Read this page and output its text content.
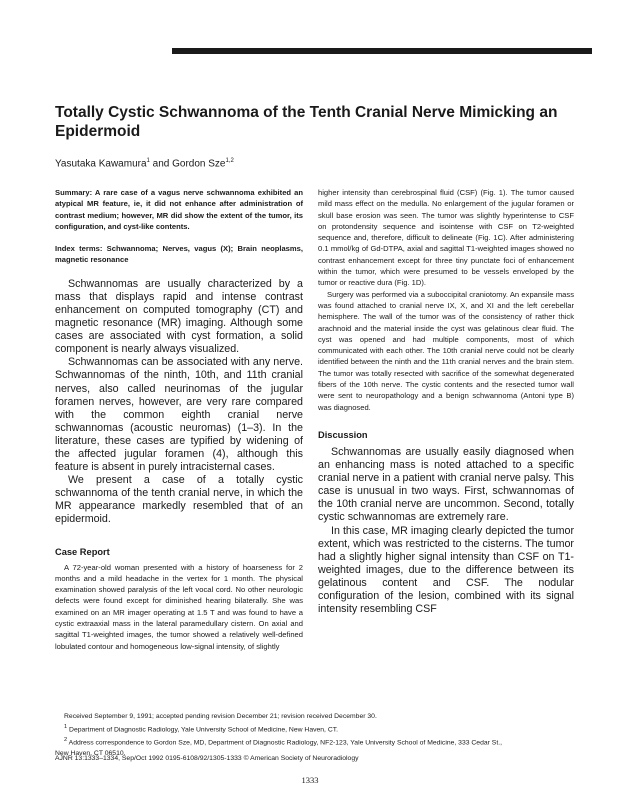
Totally Cystic Schwannoma of the Tenth Cranial Nerve Mimicking an Epidermoid
Yasutaka Kawamura$^1$ and Gordon Sze$^{1,2}$

Summary: A rare case of a vagus nerve schwannoma exhibited an atypical MR feature, ie, it did not enhance after administration of contrast medium; however, MR did show the extent of the tumor, its configuration, and cyst-like contents.

Index terms: Schwannoma; Nerves, vagus (X); Brain neoplasms, magnetic resonance

Schwannomas are usually characterized by a mass that displays rapid and intense contrast enhancement on computed tomography (CT) and magnetic resonance (MR) imaging. Although some cases are associated with cyst formation, a solid component is nearly always visualized.

Schwannomas can be associated with any nerve. Schwannomas of the ninth, 10th, and 11th cranial nerves, also called neurinomas of the jugular foramen nerves, however, are very rare compared with the common eighth cranial nerve schwannomas (acoustic neuromas) (1–3). In the literature, these cases are typified by widening of the affected jugular foramen (4), although this feature is absent in purely intracisternal cases.

We present a case of a totally cystic schwannoma of the tenth cranial nerve, in which the MR appearance markedly resembled that of an epidermoid.

Case Report

A 72-year-old woman presented with a history of hoarseness for 2 months and a mild headache in the vertex for 1 month. The physical examination showed paralysis of the left vocal cord. No other neurologic defects were found except for diminished hearing bilaterally. She was examined on an MR imager operating at 1.5 T and was found to have a cystic extraaxial mass in the lateral paramedullary cistern. On axial and sagittal T1-weighted images, the tumor showed a relatively well-defined lobulated contour and homogeneous low-signal intensity, of slightly

higher intensity than cerebrospinal fluid (CSF) (Fig. 1). The tumor caused mild mass effect on the medulla. No enlargement of the jugular foramen or skull base erosion was seen. The tumor was slightly hyperintense to CSF on protondensity sequence and isointense with CSF on T2-weighted sequence and, therefore, difficult to delineate (Fig. 1C). After administering 0.1 mmol/kg of Gd-DTPA, axial and sagittal T1-weighted images showed no contrast enhancement except for three tiny punctate foci of enhancement within the tumor, which were presumed to be vessels enveloped by the tumor or reactive dura (Fig. 1D).

Surgery was performed via a suboccipital craniotomy. An expansile mass was found attached to cranial nerve IX, X, and XI and the left cerebellar hemisphere. The wall of the tumor was of the consistency of rather thick arachnoid and the material inside the cyst was gelatinous clear fluid. The cyst was opened and had multiple components, most of which communicated with each other. The 10th cranial nerve could not be clearly identified between the ninth and the 11th cranial nerves and the brain stem. The tumor was totally resected with sacrifice of the somewhat degenerated fibers of the 10th nerve. The cystic contents and the resected tumor wall were sent to neuropathology and a benign schwannoma (Antoni type B) was diagnosed.

Discussion

Schwannomas are usually easily diagnosed when an enhancing mass is noted attached to a specific cranial nerve in a patient with cranial nerve palsy. This case is unusual in two ways. First, schwannomas of the 10th cranial nerve are uncommon. Second, totally cystic schwannomas are extremely rare.

In this case, MR imaging clearly depicted the tumor extent, which was restricted to the cisterns. The tumor had a slightly higher signal intensity than CSF on T1-weighted images, due to the difference between its gelatinous content and CSF. The nodular configuration of the lesion, combined with its signal intensity resembling CSF

Received September 9, 1991; accepted pending revision December 21; revision received December 30.

$^1$ Department of Diagnostic Radiology, Yale University School of Medicine, New Haven, CT.

$^2$ Address correspondence to Gordon Sze, MD, Department of Diagnostic Radiology, NF2-123, Yale University School of Medicine, 333 Cedar St.,

New Haven, CT 06510.

AJNR 13:1333–1334, Sep/Oct 1992 0195-6108/92/1305-1333 © American Society of Neuroradiology
1333
